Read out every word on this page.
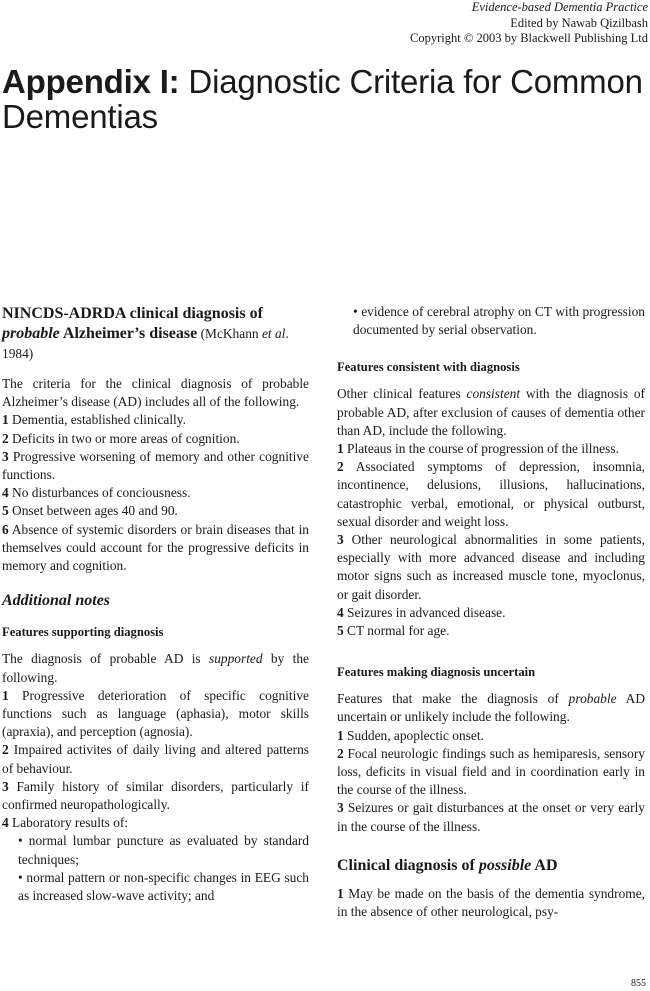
Evidence-based Dementia Practice
Edited by Nawab Qizilbash
Copyright © 2003 by Blackwell Publishing Ltd
Appendix I: Diagnostic Criteria for Common Dementias

NINCDS-ADRDA clinical diagnosis of probable Alzheimer’s disease (McKhann et al. 1984)

The criteria for the clinical diagnosis of probable Alzheimer’s disease (AD) includes all of the following.

1 Dementia, established clinically.

2 Deficits in two or more areas of cognition.

3 Progressive worsening of memory and other cognitive functions.

4 No disturbances of conciousness.

5 Onset between ages 40 and 90.

6 Absence of systemic disorders or brain diseases that in themselves could account for the progressive deficits in memory and cognition.

Additional notes

Features supporting diagnosis

The diagnosis of probable AD is supported by the following.

1 Progressive deterioration of specific cognitive functions such as language (aphasia), motor skills (apraxia), and perception (agnosia).

2 Impaired activites of daily living and altered patterns of behaviour.

3 Family history of similar disorders, particularly if confirmed neuropathologically.

4 Laboratory results of:

• normal lumbar puncture as evaluated by standard techniques;

• normal pattern or non-specific changes in EEG such as increased slow-wave activity; and

• evidence of cerebral atrophy on CT with progression documented by serial observation.

Features consistent with diagnosis

Other clinical features consistent with the diagnosis of probable AD, after exclusion of causes of dementia other than AD, include the following.

1 Plateaus in the course of progression of the illness.

2 Associated symptoms of depression, insomnia, incontinence, delusions, illusions, hallucinations, catastrophic verbal, emotional, or physical outburst, sexual disorder and weight loss.

3 Other neurological abnormalities in some patients, especially with more advanced disease and including motor signs such as increased muscle tone, myoclonus, or gait disorder.

4 Seizures in advanced disease.

5 CT normal for age.

Features making diagnosis uncertain

Features that make the diagnosis of probable AD uncertain or unlikely include the following.

1 Sudden, apoplectic onset.

2 Focal neurologic findings such as hemiparesis, sensory loss, deficits in visual field and in coordination early in the course of the illness.

3 Seizures or gait disturbances at the onset or very early in the course of the illness.

Clinical diagnosis of possible AD

1 May be made on the basis of the dementia syndrome, in the absence of other neurological, psy-

855
